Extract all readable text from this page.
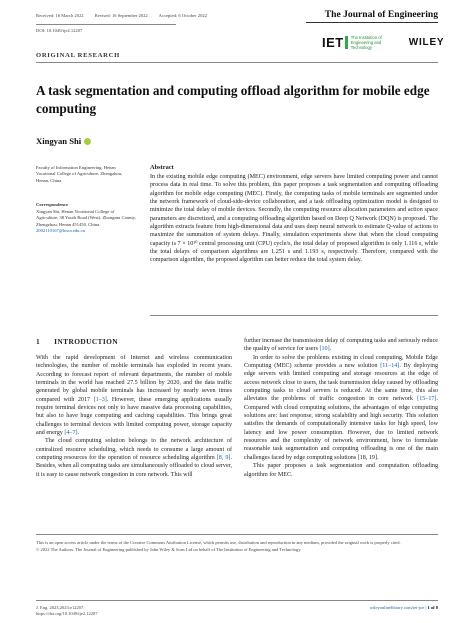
Received: 16 March 2022 Revised: 16 September 2022 Accepted: 6 October 2022
DOI: 10.1049/tje2.12207
The Journal of Engineering
IET The Institution of Engineering and Technology	WILEY
ORIGINAL RESEARCH
A task segmentation and computing offload algorithm for mobile edge computing
Xingyan Shi
Faculty of Information Engineering, Henan Vocational College of Agriculture, Zhengzhou, Henan, China
Correspondence
Xingyan Shi, Henan Vocational College of Agriculture, 38 Youth Road (West), Zhongmu County, Zhengzhou, Henan 451450, China.
2002110167@hnca.edu.cn
Abstract
In the existing mobile edge computing (MEC) environment, edge servers have limited computing power and cannot process data in real time. To solve this problem, this paper proposes a task segmentation and computing offloading algorithm for mobile edge computing (MEC). Firstly, the computing tasks of mobile terminals are segmented under the network framework of cloud-side-device collaboration, and a task offloading optimization model is designed to minimize the total delay of mobile devices. Secondly, the computing resource allocation parameters and action space parameters are discretized, and a computing offloading algorithm based on Deep Q Network (DQN) is proposed. The algorithm extracts feature from high-dimensional data and uses deep neural network to estimate Q-value of actions to maximize the summation of system delays. Finally, simulation experiments show that when the cloud computing capacity is 7 × 10¹⁰ central processing unit (CPU) cycle/s, the total delay of proposed algorithm is only 1.116 s, while the total delays of comparison algorithms are 1.251 s and 1.193 s, respectively. Therefore, compared with the comparison algorithm, the proposed algorithm can better reduce the total system delay.
1 INTRODUCTION

With the rapid development of Internet and wireless communication technologies, the number of mobile terminals has exploded in recent years. According to forecast report of relevant departments, the number of mobile terminals in the world has reached 27.5 billion by 2020, and the data traffic generated by global mobile terminals has increased by nearly seven times compared with 2017 [1–3]. However, these emerging applications usually require terminal devices not only to have massive data processing capabilities, but also to have huge computing and caching capabilities. This brings great challenges to terminal devices with limited computing power, storage capacity and energy [4–7].

The cloud computing solution belongs to the network architecture of centralized resource scheduling, which needs to consume a large amount of computing resources for the operation of resource scheduling algorithm [8, 9]. Besides, when all computing tasks are simultaneously offloaded to cloud server, it is easy to cause network congestion in core network. This will

further increase the transmission delay of computing tasks and seriously reduce the quality of service for users [10].

In order to solve the problems existing in cloud computing, Mobile Edge Computing (MEC) scheme provides a new solution [11–14]. By deploying edge servers with limited computing and storage resources at the edge of access network close to users, the task transmission delay caused by offloading computing tasks to cloud servers is reduced. At the same time, this also alleviates the problems of traffic congestion in core network [15–17]. Compared with cloud computing solutions, the advantages of edge computing solutions are: fast response, strong scalability and high security. This solution satisfies the demands of computationally intensive tasks for high speed, low latency and low power consumption. However, due to limited network resources and the complexity of network environment, how to formulate reasonable task segmentation and computing offloading is one of the main challenges faced by edge computing solutions [18, 19].

This paper proposes a task segmentation and computation offloading algorithm for MEC.

This is an open access article under the terms of the Creative Commons Attribution License, which permits use, distribution and reproduction in any medium, provided the original work is properly cited.
© 2022 The Authors. The Journal of Engineering published by John Wiley & Sons Ltd on behalf of The Institution of Engineering and Technology.
J. Eng. 2023;2023:e12207.
https://doi.org/10.1049/tje2.12207
wileyonlinelibrary.com/iet-joe | 1 of 8
